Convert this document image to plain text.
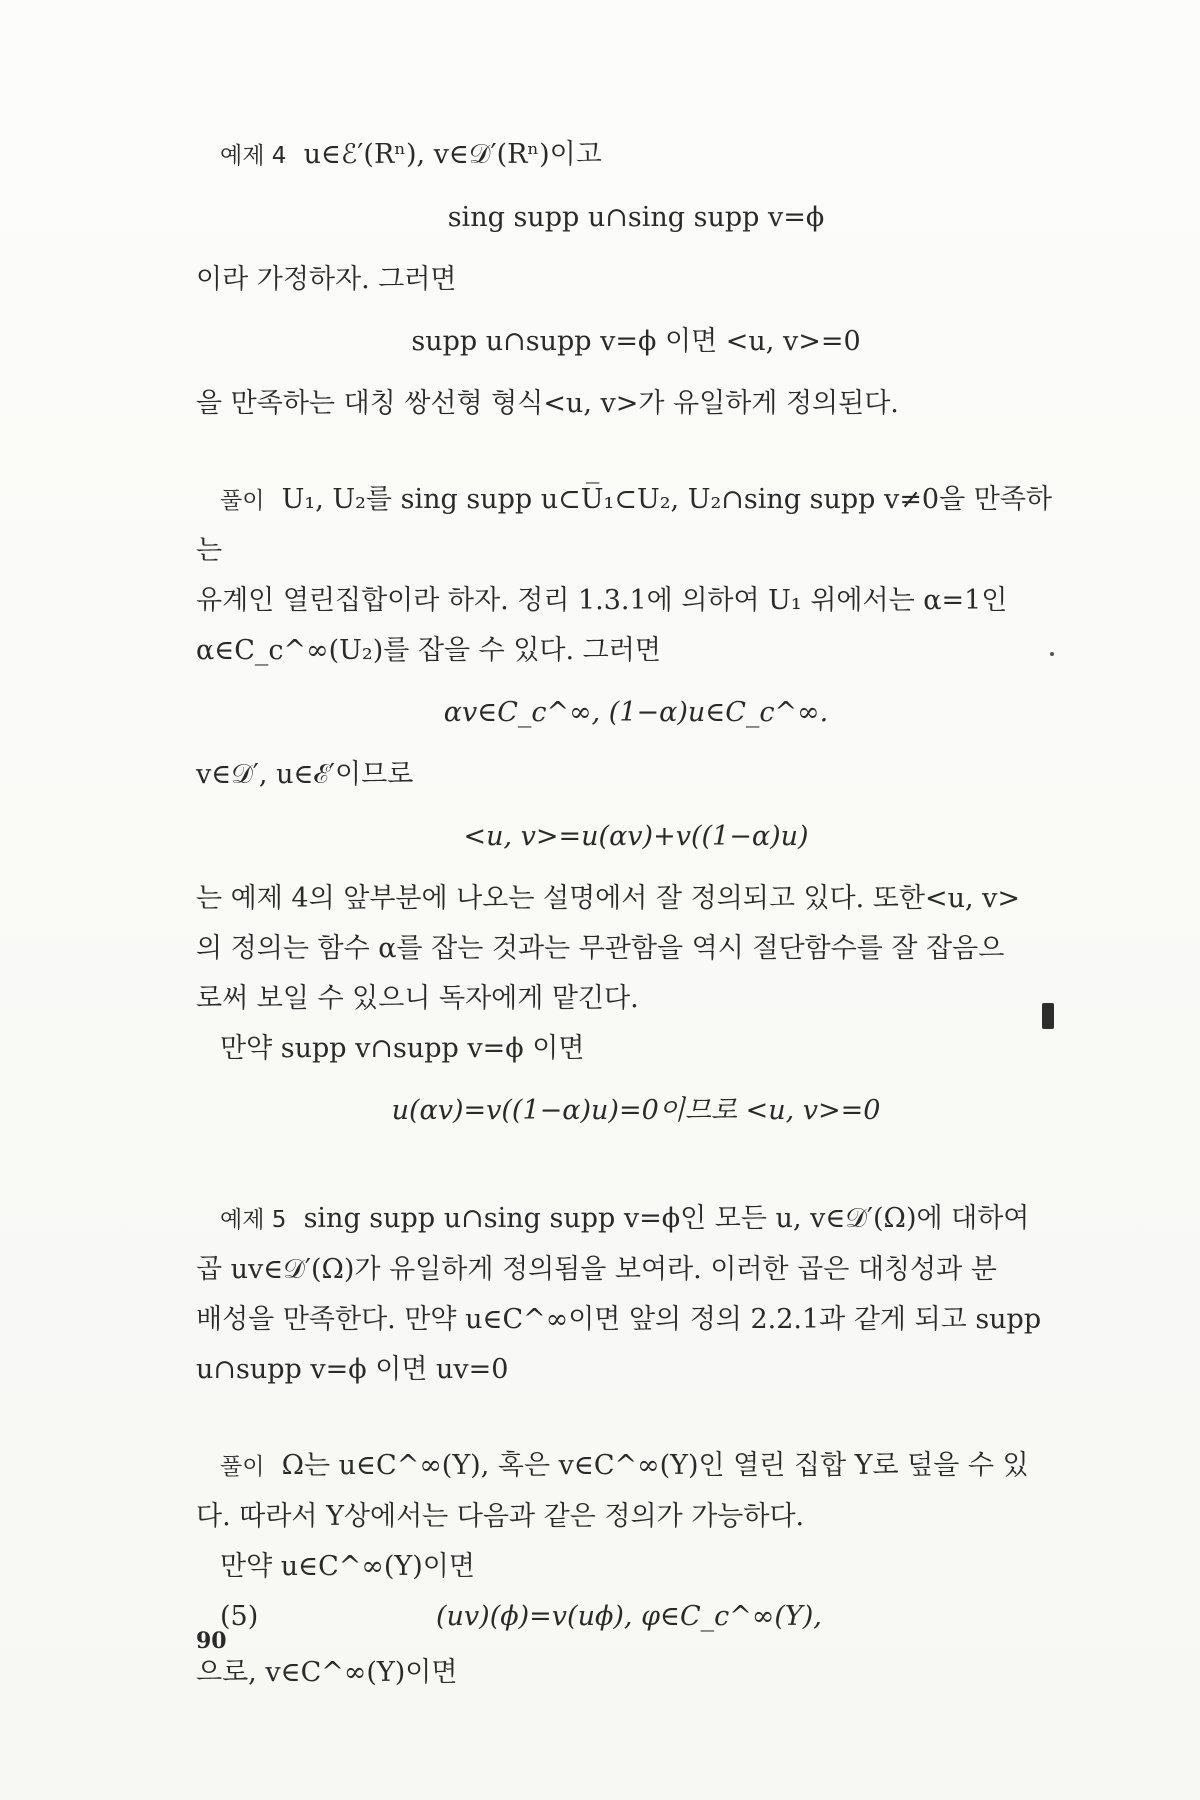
예제 4 u∈ℰ′(Rⁿ), v∈𝒟′(Rⁿ)이고

sing supp u∩sing supp v=ϕ

이라 가정하자. 그러면

supp u∩supp v=ϕ 이면 <u, v>=0

을 만족하는 대칭 쌍선형 형식<u, v>가 유일하게 정의된다.

풀이 U₁, U₂를 sing supp u⊂U̅₁⊂U₂, U₂∩sing supp v≠0을 만족하는

유계인 열린집합이라 하자. 정리 1.3.1에 의하여 U₁ 위에서는 α=1인

α∈C_c^∞(U₂)를 잡을 수 있다. 그러면

αv∈C_c^∞, (1−α)u∈C_c^∞.

v∈𝒟′, u∈ℰ′이므로

<u, v>=u(αv)+v((1−α)u)

는 예제 4의 앞부분에 나오는 설명에서 잘 정의되고 있다. 또한<u, v>

의 정의는 함수 α를 잡는 것과는 무관함을 역시 절단함수를 잘 잡음으

로써 보일 수 있으니 독자에게 맡긴다.

만약 supp v∩supp v=ϕ 이면

u(αv)=v((1−α)u)=0이므로 <u, v>=0

예제 5 sing supp u∩sing supp v=ϕ인 모든 u, v∈𝒟′(Ω)에 대하여

곱 uv∈𝒟′(Ω)가 유일하게 정의됨을 보여라. 이러한 곱은 대칭성과 분

배성을 만족한다. 만약 u∈C^∞이면 앞의 정의 2.2.1과 같게 되고 supp

u∩supp v=ϕ 이면 uv=0

풀이 Ω는 u∈C^∞(Y), 혹은 v∈C^∞(Y)인 열린 집합 Y로 덮을 수 있

다. 따라서 Y상에서는 다음과 같은 정의가 가능하다.

만약 u∈C^∞(Y)이면

(5)	(uv)(ϕ)=v(uϕ), φ∈C_c^∞(Y),

으로, v∈C^∞(Y)이면

90
